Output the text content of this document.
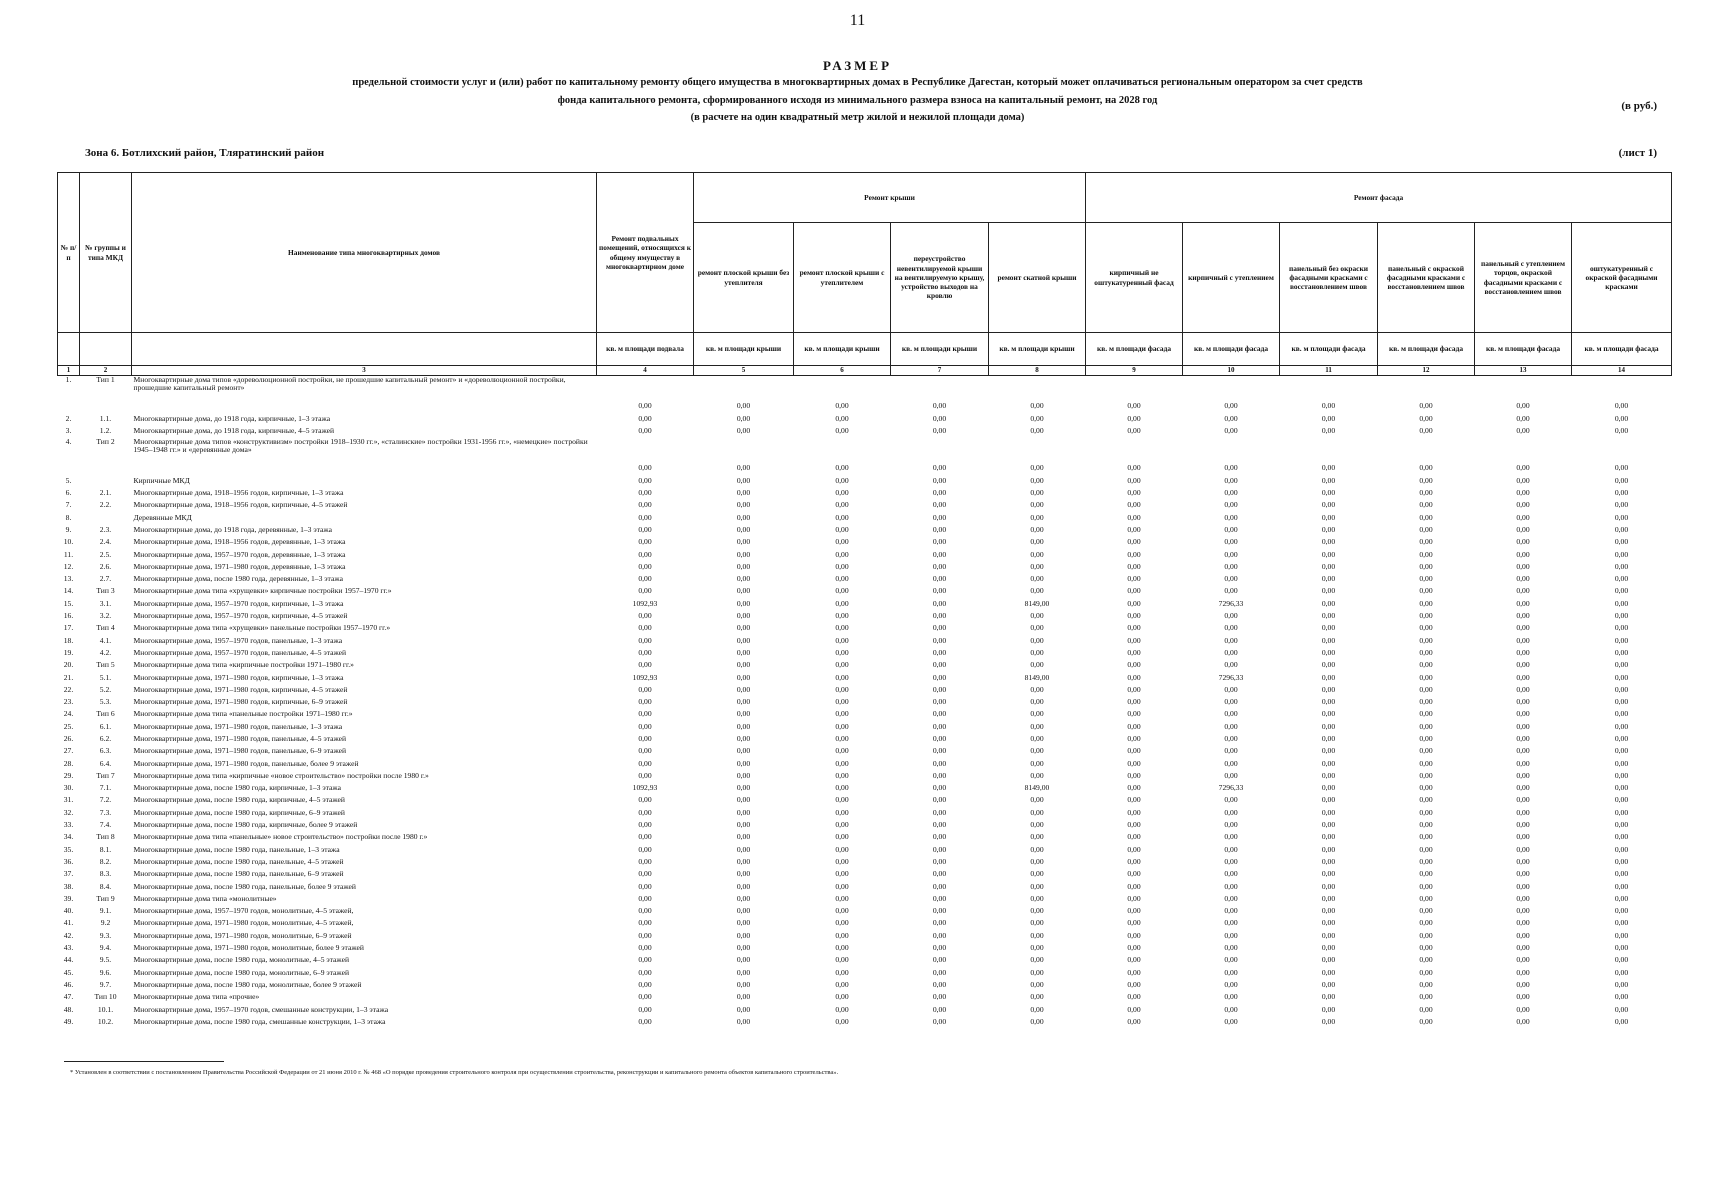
11
РАЗМЕР
предельной стоимости услуг и (или) работ по капитальному ремонту общего имущества в многоквартирных домах в Республике Дагестан, который может оплачиваться региональным оператором за счет средств
фонда капитального ремонта, сформированного исходя из минимального размера взноса на капитальный ремонт, на 2028 год
(в расчете на один квадратный метр жилой и нежилой площади дома)
(в руб.)
Зона 6. Ботлихский район, Тляратинский район	(лист 1)
№ п/п	№ группы и типа МКД	Наименование типа многоквартирных домов	Ремонт подвальных помещений, относящихся к общему имуществу в многоквартирном доме	Ремонт крыши				Ремонт фасада					
				ремонт плоской крыши без утеплителя	ремонт плоской крыши с утеплителем	переустройство невентилируемой крыши на вентилируемую крышу, устройство выходов на кровлю	ремонт скатной крыши	кирпичный не оштукатуренный фасад	кирпичный с утеплением	панельный без окраски фасадными красками с восстановлением швов	панельный с окраской фасадными красками с восстановлением швов	панельный с утеплением торцов, окраской фасадными красками с восстановлением швов	оштукатуренный с окраской фасадными красками
			кв. м площади подвала	кв. м площади крыши	кв. м площади крыши	кв. м площади крыши	кв. м площади крыши	кв. м площади фасада	кв. м площади фасада	кв. м площади фасада	кв. м площади фасада	кв. м площади фасада	кв. м площади фасада
1	2	3	4	5	6	7	8	9	10	11	12	13	14
1.	Тип 1	Многоквартирные дома типов «дореволюционной постройки, не прошедшие капитальный ремонт» и «дореволюционной постройки, прошедшие капитальный ремонт»	0,00	0,00	0,00	0,00	0,00	0,00	0,00	0,00	0,00	0,00	0,00
2.	1.1.	Многоквартирные дома, до 1918 года, кирпичные, 1–3 этажа	0,00	0,00	0,00	0,00	0,00	0,00	0,00	0,00	0,00	0,00	0,00
3.	1.2.	Многоквартирные дома, до 1918 года, кирпичные, 4–5 этажей	0,00	0,00	0,00	0,00	0,00	0,00	0,00	0,00	0,00	0,00	0,00
4.	Тип 2	Многоквартирные дома типов «конструктивизм» постройки 1918–1930 гг.», «сталинские» постройки 1931-1956 гг.», «немецкие» постройки 1945–1948 гг.» и «деревянные дома»	0,00	0,00	0,00	0,00	0,00	0,00	0,00	0,00	0,00	0,00	0,00
5.		Кирпичные МКД	0,00	0,00	0,00	0,00	0,00	0,00	0,00	0,00	0,00	0,00	0,00
6.	2.1.	Многоквартирные дома, 1918–1956 годов, кирпичные, 1–3 этажа	0,00	0,00	0,00	0,00	0,00	0,00	0,00	0,00	0,00	0,00	0,00
7.	2.2.	Многоквартирные дома, 1918–1956 годов, кирпичные, 4–5 этажей	0,00	0,00	0,00	0,00	0,00	0,00	0,00	0,00	0,00	0,00	0,00
8.		Деревянные МКД	0,00	0,00	0,00	0,00	0,00	0,00	0,00	0,00	0,00	0,00	0,00
9.	2.3.	Многоквартирные дома, до 1918 года, деревянные, 1–3 этажа	0,00	0,00	0,00	0,00	0,00	0,00	0,00	0,00	0,00	0,00	0,00
10.	2.4.	Многоквартирные дома, 1918–1956 годов, деревянные, 1–3 этажа	0,00	0,00	0,00	0,00	0,00	0,00	0,00	0,00	0,00	0,00	0,00
11.	2.5.	Многоквартирные дома, 1957–1970 годов, деревянные, 1–3 этажа	0,00	0,00	0,00	0,00	0,00	0,00	0,00	0,00	0,00	0,00	0,00
12.	2.6.	Многоквартирные дома, 1971–1980 годов, деревянные, 1–3 этажа	0,00	0,00	0,00	0,00	0,00	0,00	0,00	0,00	0,00	0,00	0,00
13.	2.7.	Многоквартирные дома, после 1980 года, деревянные, 1–3 этажа	0,00	0,00	0,00	0,00	0,00	0,00	0,00	0,00	0,00	0,00	0,00
14.	Тип 3	Многоквартирные дома типа «хрущевки» кирпичные постройки 1957–1970 гг.»	0,00	0,00	0,00	0,00	0,00	0,00	0,00	0,00	0,00	0,00	0,00
15.	3.1.	Многоквартирные дома, 1957–1970 годов, кирпичные, 1–3 этажа	1092,93	0,00	0,00	0,00	8149,00	0,00	7296,33	0,00	0,00	0,00	0,00
16.	3.2.	Многоквартирные дома, 1957–1970 годов, кирпичные, 4–5 этажей	0,00	0,00	0,00	0,00	0,00	0,00	0,00	0,00	0,00	0,00	0,00
17.	Тип 4	Многоквартирные дома типа «хрущевки» панельные постройки 1957–1970 гг.»	0,00	0,00	0,00	0,00	0,00	0,00	0,00	0,00	0,00	0,00	0,00
18.	4.1.	Многоквартирные дома, 1957–1970 годов, панельные, 1–3 этажа	0,00	0,00	0,00	0,00	0,00	0,00	0,00	0,00	0,00	0,00	0,00
19.	4.2.	Многоквартирные дома, 1957–1970 годов, панельные, 4–5 этажей	0,00	0,00	0,00	0,00	0,00	0,00	0,00	0,00	0,00	0,00	0,00
20.	Тип 5	Многоквартирные дома типа «кирпичные постройки 1971–1980 гг.»	0,00	0,00	0,00	0,00	0,00	0,00	0,00	0,00	0,00	0,00	0,00
21.	5.1.	Многоквартирные дома, 1971–1980 годов, кирпичные, 1–3 этажа	1092,93	0,00	0,00	0,00	8149,00	0,00	7296,33	0,00	0,00	0,00	0,00
22.	5.2.	Многоквартирные дома, 1971–1980 годов, кирпичные, 4–5 этажей	0,00	0,00	0,00	0,00	0,00	0,00	0,00	0,00	0,00	0,00	0,00
23.	5.3.	Многоквартирные дома, 1971–1980 годов, кирпичные, 6–9 этажей	0,00	0,00	0,00	0,00	0,00	0,00	0,00	0,00	0,00	0,00	0,00
24.	Тип 6	Многоквартирные дома типа «панельные постройки 1971–1980 гг.»	0,00	0,00	0,00	0,00	0,00	0,00	0,00	0,00	0,00	0,00	0,00
25.	6.1.	Многоквартирные дома, 1971–1980 годов, панельные, 1–3 этажа	0,00	0,00	0,00	0,00	0,00	0,00	0,00	0,00	0,00	0,00	0,00
26.	6.2.	Многоквартирные дома, 1971–1980 годов, панельные, 4–5 этажей	0,00	0,00	0,00	0,00	0,00	0,00	0,00	0,00	0,00	0,00	0,00
27.	6.3.	Многоквартирные дома, 1971–1980 годов, панельные, 6–9 этажей	0,00	0,00	0,00	0,00	0,00	0,00	0,00	0,00	0,00	0,00	0,00
28.	6.4.	Многоквартирные дома, 1971–1980 годов, панельные, более 9 этажей	0,00	0,00	0,00	0,00	0,00	0,00	0,00	0,00	0,00	0,00	0,00
29.	Тип 7	Многоквартирные дома типа «кирпичные «новое строительство» постройки после 1980 г.»	0,00	0,00	0,00	0,00	0,00	0,00	0,00	0,00	0,00	0,00	0,00
30.	7.1.	Многоквартирные дома, после 1980 года, кирпичные, 1–3 этажа	1092,93	0,00	0,00	0,00	8149,00	0,00	7296,33	0,00	0,00	0,00	0,00
31.	7.2.	Многоквартирные дома, после 1980 года, кирпичные, 4–5 этажей	0,00	0,00	0,00	0,00	0,00	0,00	0,00	0,00	0,00	0,00	0,00
32.	7.3.	Многоквартирные дома, после 1980 года, кирпичные, 6–9 этажей	0,00	0,00	0,00	0,00	0,00	0,00	0,00	0,00	0,00	0,00	0,00
33.	7.4.	Многоквартирные дома, после 1980 года, кирпичные, более 9 этажей	0,00	0,00	0,00	0,00	0,00	0,00	0,00	0,00	0,00	0,00	0,00
34.	Тип 8	Многоквартирные дома типа «панельные» новое строительство» постройки после 1980 г.»	0,00	0,00	0,00	0,00	0,00	0,00	0,00	0,00	0,00	0,00	0,00
35.	8.1.	Многоквартирные дома, после 1980 года, панельные, 1–3 этажа	0,00	0,00	0,00	0,00	0,00	0,00	0,00	0,00	0,00	0,00	0,00
36.	8.2.	Многоквартирные дома, после 1980 года, панельные, 4–5 этажей	0,00	0,00	0,00	0,00	0,00	0,00	0,00	0,00	0,00	0,00	0,00
37.	8.3.	Многоквартирные дома, после 1980 года, панельные, 6–9 этажей	0,00	0,00	0,00	0,00	0,00	0,00	0,00	0,00	0,00	0,00	0,00
38.	8.4.	Многоквартирные дома, после 1980 года, панельные, более 9 этажей	0,00	0,00	0,00	0,00	0,00	0,00	0,00	0,00	0,00	0,00	0,00
39.	Тип 9	Многоквартирные дома типа «монолитные»	0,00	0,00	0,00	0,00	0,00	0,00	0,00	0,00	0,00	0,00	0,00
40.	9.1.	Многоквартирные дома, 1957–1970 годов, монолитные, 4–5 этажей,	0,00	0,00	0,00	0,00	0,00	0,00	0,00	0,00	0,00	0,00	0,00
41.	9.2	Многоквартирные дома, 1971–1980 годов, монолитные, 4–5 этажей,	0,00	0,00	0,00	0,00	0,00	0,00	0,00	0,00	0,00	0,00	0,00
42.	9.3.	Многоквартирные дома, 1971–1980 годов, монолитные, 6–9 этажей	0,00	0,00	0,00	0,00	0,00	0,00	0,00	0,00	0,00	0,00	0,00
43.	9.4.	Многоквартирные дома, 1971–1980 годов, монолитные, более 9 этажей	0,00	0,00	0,00	0,00	0,00	0,00	0,00	0,00	0,00	0,00	0,00
44.	9.5.	Многоквартирные дома, после 1980 года, монолитные, 4–5 этажей	0,00	0,00	0,00	0,00	0,00	0,00	0,00	0,00	0,00	0,00	0,00
45.	9.6.	Многоквартирные дома, после 1980 года, монолитные, 6–9 этажей	0,00	0,00	0,00	0,00	0,00	0,00	0,00	0,00	0,00	0,00	0,00
46.	9.7.	Многоквартирные дома, после 1980 года, монолитные, более 9 этажей	0,00	0,00	0,00	0,00	0,00	0,00	0,00	0,00	0,00	0,00	0,00
47.	Тип 10	Многоквартирные дома типа «прочие»	0,00	0,00	0,00	0,00	0,00	0,00	0,00	0,00	0,00	0,00	0,00
48.	10.1.	Многоквартирные дома, 1957–1970 годов, смешанные конструкции, 1–3 этажа	0,00	0,00	0,00	0,00	0,00	0,00	0,00	0,00	0,00	0,00	0,00
49.	10.2.	Многоквартирные дома, после 1980 года, смешанные конструкции, 1–3 этажа	0,00	0,00	0,00	0,00	0,00	0,00	0,00	0,00	0,00	0,00	0,00
* Установлен в соответствии с постановлением Правительства Российской Федерации от 21 июня 2010 г. № 468 «О порядке проведения строительного контроля при осуществлении строительства, реконструкции и капитального ремонта объектов капитального строительства».
